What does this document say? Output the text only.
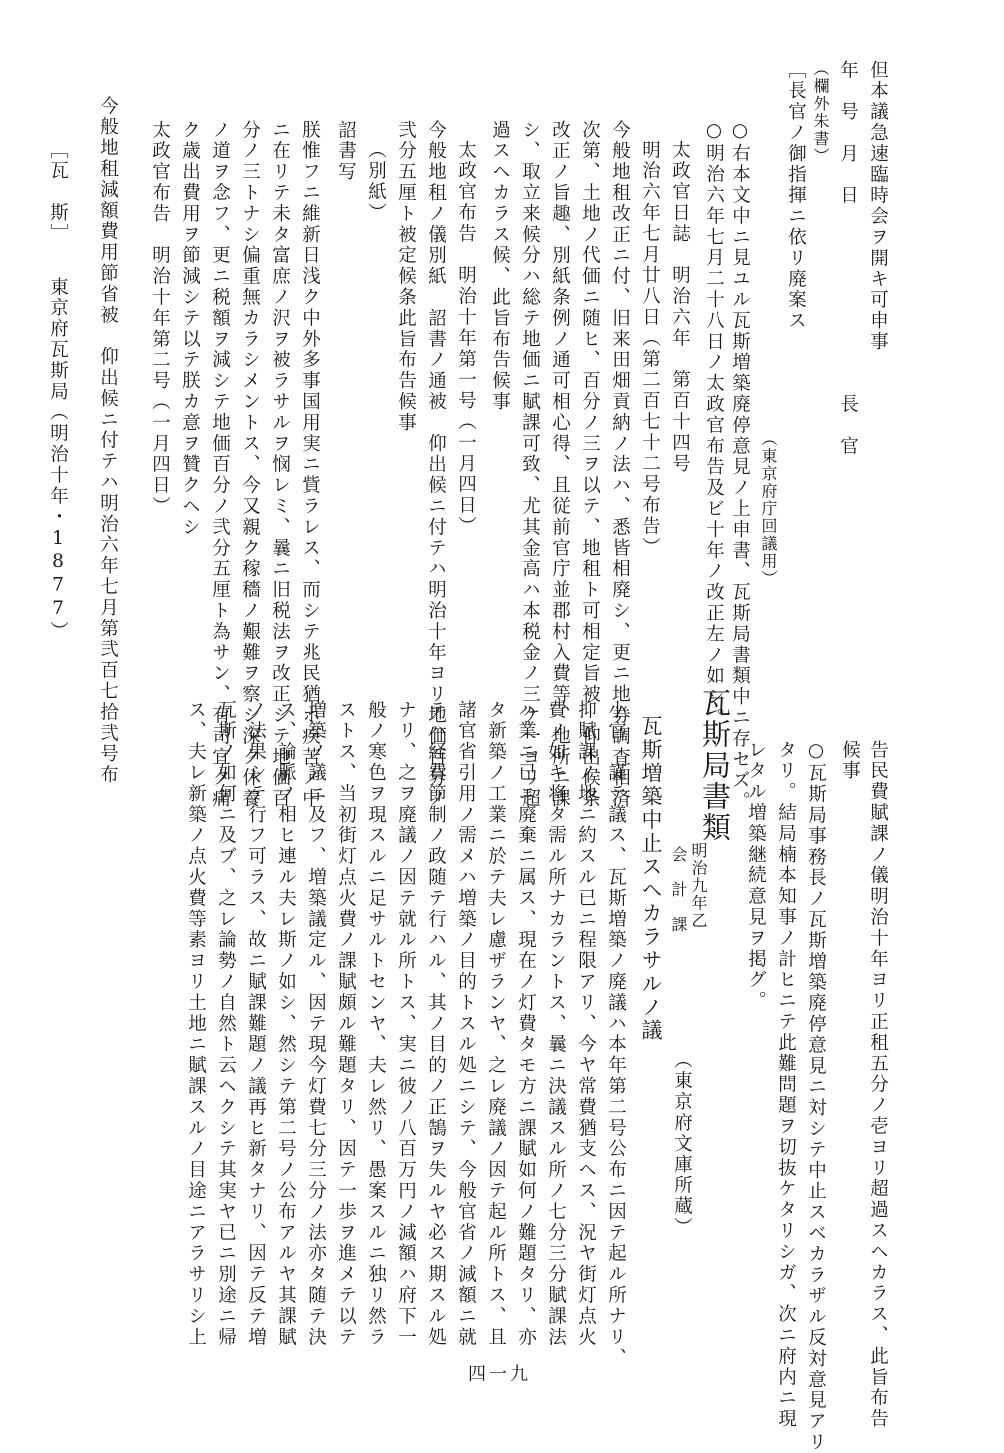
但本議急速臨時会ヲ開キ可申事
年　号　月　日　　　　　　　　　長　官
（欄外朱書）
［長官ノ御指揮ニ依リ廃案ス
（東京府庁回議用）
○右本文中ニ見ユル瓦斯増築廃停意見ノ上申書、瓦斯局書類中ニ存セズ。
○明治六年七月二十八日ノ太政官布告及ビ十年ノ改正左ノ如シ。
太政官日誌　明治六年　第百十四号
明治六年七月廿八日（第二百七十二号布告）
今般地租改正ニ付、旧来田畑貢納ノ法ハ、悉皆相廃シ、更ニ地券調査相済
次第、土地ノ代価ニ随ヒ、百分ノ三ヲ以テ、地租ト可相定旨被　仰出候条
改正ノ旨趣、別紙条例ノ通可相心得、且従前官庁並郡村入費等、地所ニ課
シ、取立来候分ハ総テ地価ニ賦課可致、尤其金高ハ本税金ノ三ケ一ヨリ超
過スヘカラス候、此旨布告候事
太政官布告　明治十年第一号（一月四日）
今般地租ノ儀別紙　詔書ノ通被　仰出候ニ付テハ明治十年ヨリ地価百分ノ
弐分五厘ト被定候条此旨布告候事
（別紙）
詔書写
朕惟フニ維新日浅ク中外多事国用実ニ貲ラレス、而シテ兆民猶ホ疾苦ノ中
ニ在リテ未タ富庶ノ沢ヲ被ラサルヲ悯レミ、曩ニ旧税法ヲ改正シテ地価百
分ノ三トナシ偏重無カラシメントス、今又親ク稼穡ノ艱難ヲ察シ深ク休養
ノ道ヲ念フ、更ニ税額ヲ減シテ地価百分ノ弐分五厘ト為サン、有司宜ク痛
ク歳出費用ヲ節減シテ以テ朕カ意ヲ贊クヘシ
太政官布告　明治十年第二号（一月四日）
今般地租減額費用節省被　仰出候ニ付テハ明治六年七月第弐百七拾弐号布
［瓦　斯］　　東京府瓦斯局（明治十年・1877）
告民費賦課ノ儀明治十年ヨリ正租五分ノ壱ヨリ超過スヘカラス、此旨布告
候事
○瓦斯局事務長ノ瓦斯増築廃停意見ニ対シテ中止スベカラザル反対意見アリ
タリ。結局楠本知事ノ計ヒニテ此難問題ヲ切抜ケタリシガ、次ニ府内ニ現
レタル増築継続意見ヲ掲グ。
（東京府文庫所蔵）
瓦斯局書類
明治九年乙
会　計　課
瓦斯増築中止スヘカラサルノ議
小官　謹テ議ス、瓦斯増築ノ廃議ハ本年第二号公布ニ因テ起ル所ナリ、
抑賦課ノ地ニ約スル已ニ程限アリ、今ヤ常費猶支ヘス、況ヤ街灯点火
費ノ如キ将タ需ル所ナカラントス、曩ニ決議スル所ノ七分三分賦課法
ハ業ニ已ニ廃棄ニ属ス、現在ノ灯費タモ方ニ課賦如何ノ難題タリ、亦
タ新築ノ工業ニ於テ夫レ慮ザランヤ、之レ廃議ノ因テ起ル所トス、且
諸官省引用ノ需メハ増築ノ目的トスル処ニシテ、今般官省ノ減額ニ就
テハ経費節制ノ政随テ行ハル、其ノ目的ノ正鵠ヲ失ルヤ必ス期スル処
ナリ、之ヲ廃議ノ因テ就ル所トス、実ニ彼ノ八百万円ノ減額ハ府下一
般ノ寒色ヲ現スルニ足サルトセンヤ、夫レ然リ、愚案スルニ独リ然ラ
ストス、当初街灯点火費ノ課賦頗ル難題タリ、因テ一歩ヲ進メテ以テ
増築ノ議ニ及フ、増築議定ル、因テ現今灯費七分三分ノ法亦タ随テ決
ス、論脈ノ相ヒ連ル夫レ斯ノ如シ、然シテ第二号ノ公布アルヤ其課賦
ノ法果シテ行フ可ラス、故ニ賦課難題ノ議再ヒ新タナリ、因テ反テ増
瓦斯ノ如何ニ及ブ、之レ論勢ノ自然ト云ヘクシテ其実ヤ已ニ別途ニ帰
ス、夫レ新築ノ点火費等素ヨリ土地ニ賦課スルノ目途ニアラサリシ上
四一九
